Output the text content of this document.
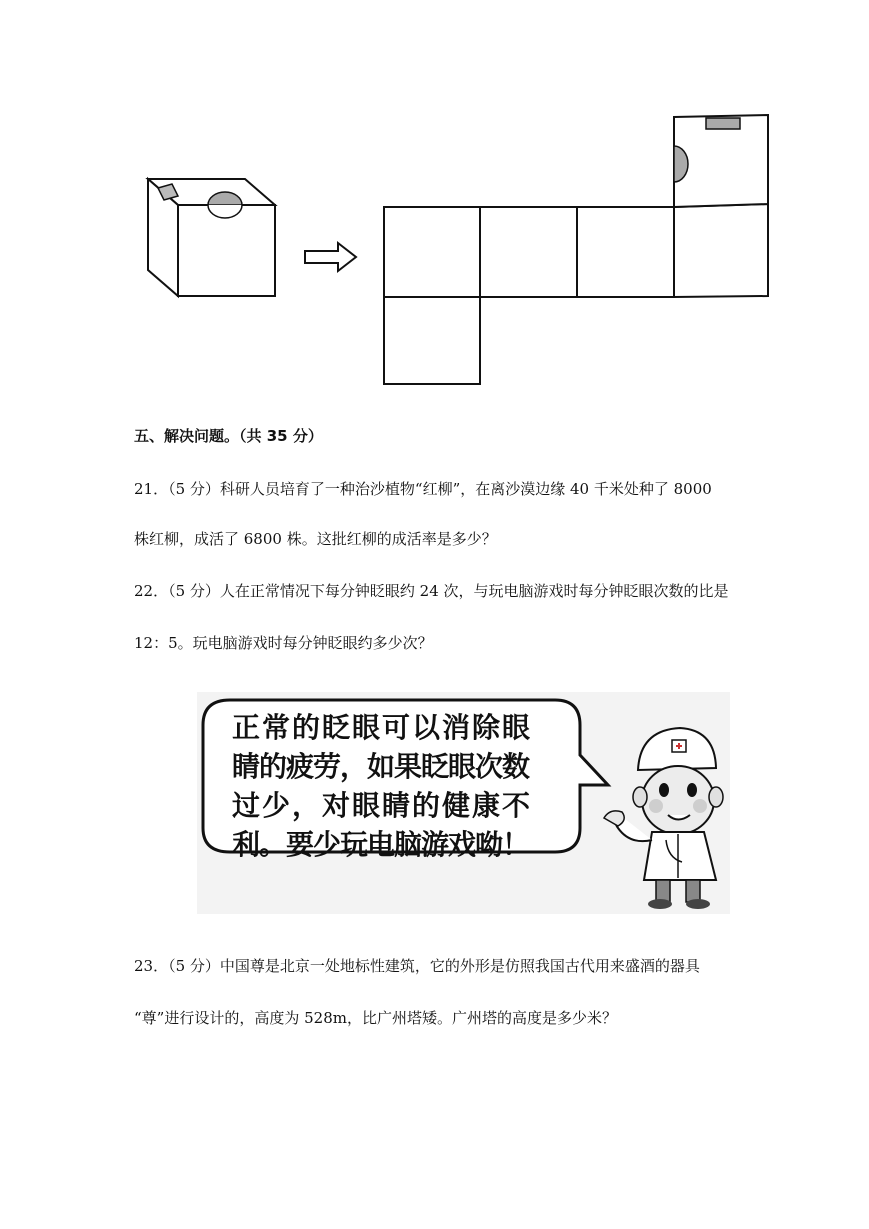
五、解决问题。（共 35 分）

21．（5 分）科研人员培育了一种治沙植物“红柳”，在离沙漠边缘 40 千米处种了 8000

株红柳，成活了 6800 株。这批红柳的成活率是多少？

22．（5 分）人在正常情况下每分钟眨眼约 24 次，与玩电脑游戏时每分钟眨眼次数的比是

12：5。玩电脑游戏时每分钟眨眼约多少次？

正常的眨眼可以消除眼
睛的疲劳，如果眨眼次数
过少，对眼睛的健康不
利。要少玩电脑游戏呦！

23．（5 分）中国尊是北京一处地标性建筑，它的外形是仿照我国古代用来盛酒的器具

“尊”进行设计的，高度为 528m，比广州塔矮。广州塔的高度是多少米？
